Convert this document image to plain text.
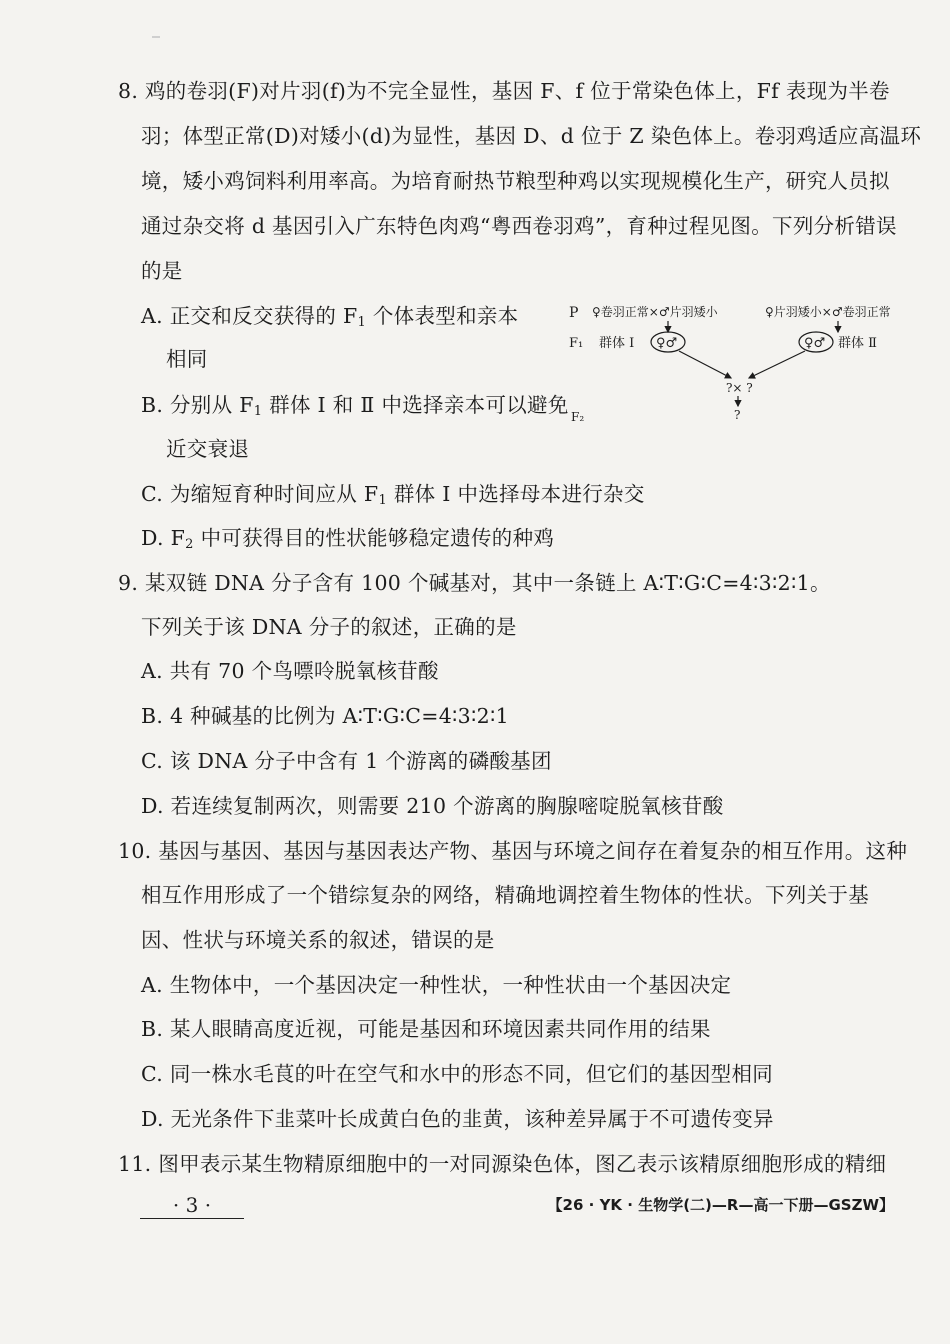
8. 鸡的卷羽(F)对片羽(f)为不完全显性，基因 F、f 位于常染色体上，Ff 表现为半卷
羽；体型正常(D)对矮小(d)为显性，基因 D、d 位于 Z 染色体上。卷羽鸡适应高温环
境，矮小鸡饲料利用率高。为培育耐热节粮型种鸡以实现规模化生产，研究人员拟
通过杂交将 d 基因引入广东特色肉鸡“粤西卷羽鸡”，育种过程见图。下列分析错误
的是
A. 正交和反交获得的 $F_1$ 个体表型和亲本
相同
B. 分别从 $F_1$ 群体 Ⅰ 和 Ⅱ 中选择亲本可以避免
近交衰退
C. 为缩短育种时间应从 $F_1$ 群体 Ⅰ 中选择母本进行杂交
D. $F_2$ 中可获得目的性状能够稳定遗传的种鸡
P ♀卷羽正常×♂片羽矮小	♀片羽矮小×♂卷羽正常
F₁ 群体 Ⅰ ♀♂	♀♂ 群体 Ⅱ
?× ?
?
F₂
9. 某双链 DNA 分子含有 100 个碱基对，其中一条链上 A∶T∶G∶C=4∶3∶2∶1。
下列关于该 DNA 分子的叙述，正确的是
A. 共有 70 个鸟嘌呤脱氧核苷酸
B. 4 种碱基的比例为 A∶T∶G∶C=4∶3∶2∶1
C. 该 DNA 分子中含有 1 个游离的磷酸基团
D. 若连续复制两次，则需要 210 个游离的胸腺嘧啶脱氧核苷酸
10. 基因与基因、基因与基因表达产物、基因与环境之间存在着复杂的相互作用。这种
相互作用形成了一个错综复杂的网络，精确地调控着生物体的性状。下列关于基
因、性状与环境关系的叙述，错误的是
A. 生物体中，一个基因决定一种性状，一种性状由一个基因决定
B. 某人眼睛高度近视，可能是基因和环境因素共同作用的结果
C. 同一株水毛茛的叶在空气和水中的形态不同，但它们的基因型相同
D. 无光条件下韭菜叶长成黄白色的韭黄，该种差异属于不可遗传变异
11. 图甲表示某生物精原细胞中的一对同源染色体，图乙表示该精原细胞形成的精细
· 3 ·	【26 · YK · 生物学(二)—R—高一下册—GSZW】
